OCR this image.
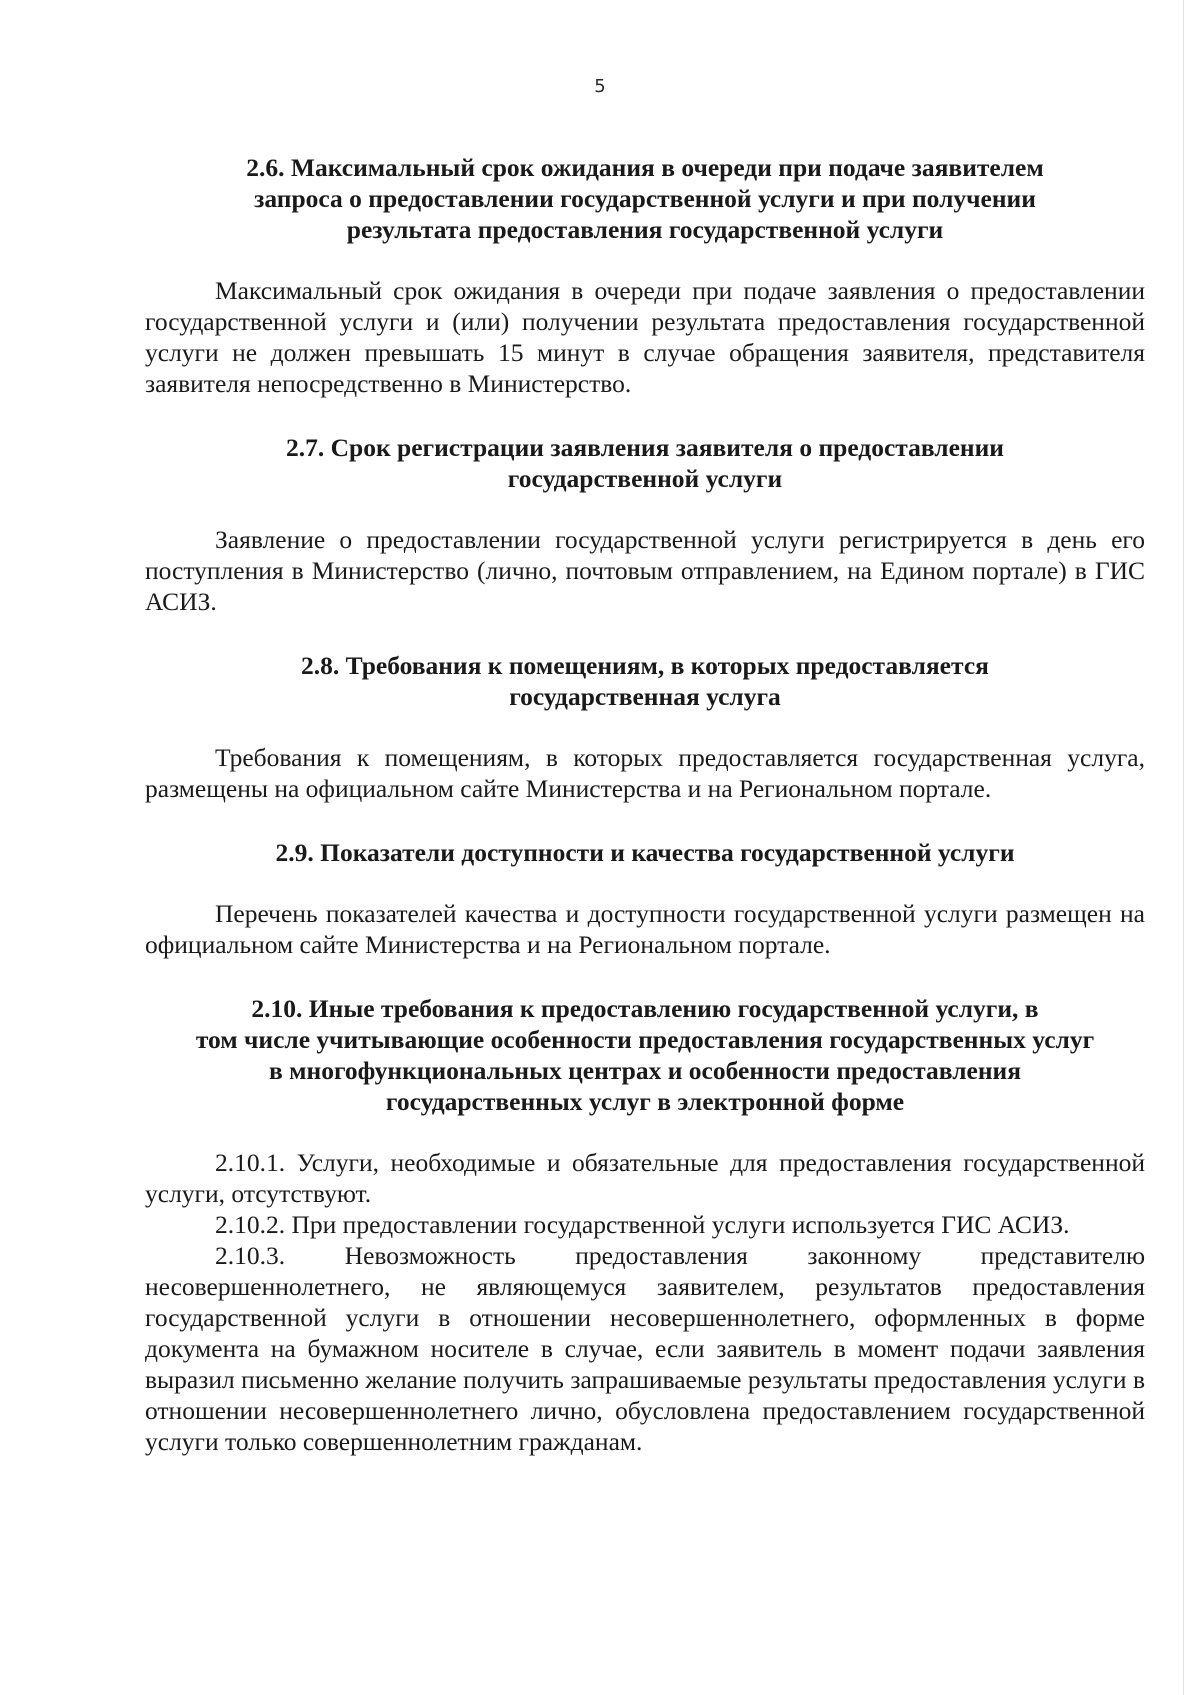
5
2.6. Максимальный срок ожидания в очереди при подаче заявителем
запроса о предоставлении государственной услуги и при получении
результата предоставления государственной услуги

Максимальный срок ожидания в очереди при подаче заявления о предоставлении государственной услуги и (или) получении результата предоставления государственной услуги не должен превышать 15 минут в случае обращения заявителя, представителя заявителя непосредственно в Министерство.

2.7. Срок регистрации заявления заявителя о предоставлении
государственной услуги

Заявление о предоставлении государственной услуги регистрируется в день его поступления в Министерство (лично, почтовым отправлением, на Едином портале) в ГИС АСИЗ.

2.8. Требования к помещениям, в которых предоставляется
государственная услуга

Требования к помещениям, в которых предоставляется государственная услуга, размещены на официальном сайте Министерства и на Региональном портале.

2.9. Показатели доступности и качества государственной услуги

Перечень показателей качества и доступности государственной услуги размещен на официальном сайте Министерства и на Региональном портале.

2.10. Иные требования к предоставлению государственной услуги, в
том числе учитывающие особенности предоставления государственных услуг
в многофункциональных центрах и особенности предоставления
государственных услуг в электронной форме

2.10.1. Услуги, необходимые и обязательные для предоставления государственной услуги, отсутствуют.

2.10.2. При предоставлении государственной услуги используется ГИС АСИЗ.

2.10.3. Невозможность предоставления законному представителю несовершеннолетнего, не являющемуся заявителем, результатов предоставления государственной услуги в отношении несовершеннолетнего, оформленных в форме документа на бумажном носителе в случае, если заявитель в момент подачи заявления выразил письменно желание получить запрашиваемые результаты предоставления услуги в отношении несовершеннолетнего лично, обусловлена предоставлением государственной услуги только совершеннолетним гражданам.
